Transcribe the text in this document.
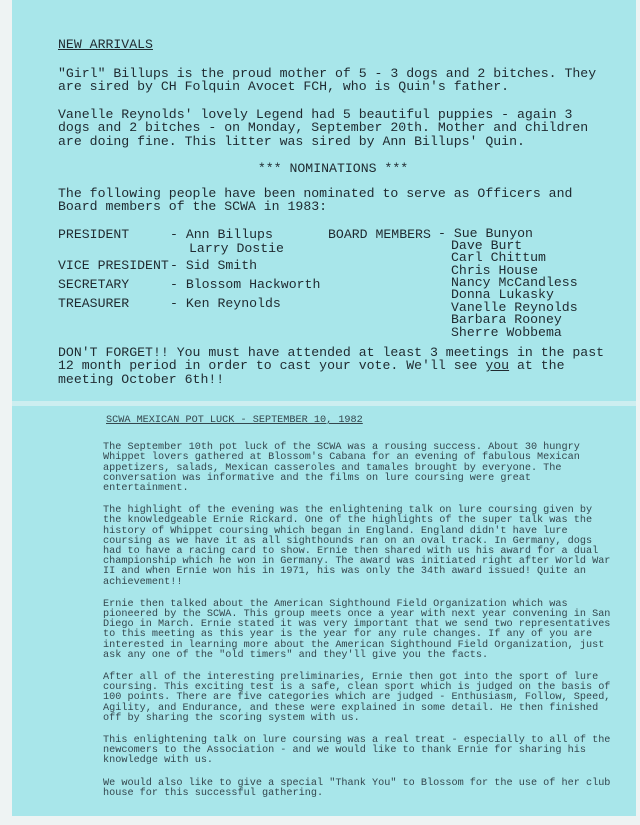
NEW ARRIVALS

"Girl" Billups is the proud mother of 5 - 3 dogs and 2 bitches. They are sired by CH Folquin Avocet FCH, who is Quin's father.

Vanelle Reynolds' lovely Legend had 5 beautiful puppies - again 3 dogs and 2 bitches - on Monday, September 20th. Mother and children are doing fine. This litter was sired by Ann Billups' Quin.

*** NOMINATIONS ***

The following people have been nominated to serve as Officers and Board members of the SCWA in 1983:

PRESIDENT	- Ann Billups
Larry Dostie
VICE PRESIDENT- Sid Smith
SECRETARY	- Blossom Hackworth
TREASURER	- Ken Reynolds
BOARD MEMBERS - Sue Bunyon
Dave Burt
Carl Chittum
Chris House
Nancy McCandless
Donna Lukasky
Vanelle Reynolds
Barbara Rooney
Sherre Wobbema

DON'T FORGET!! You must have attended at least 3 meetings in the past 12 month period in order to cast your vote. We'll see you at the meeting October 6th!!

SCWA MEXICAN POT LUCK - SEPTEMBER 10, 1982

The September 10th pot luck of the SCWA was a rousing success. About 30 hungry Whippet lovers gathered at Blossom's Cabana for an evening of fabulous Mexican appetizers, salads, Mexican casseroles and tamales brought by everyone. The conversation was informative and the films on lure coursing were great entertainment.

The highlight of the evening was the enlightening talk on lure coursing given by the knowledgeable Ernie Rickard. One of the highlights of the super talk was the history of Whippet coursing which began in England. England didn't have lure coursing as we have it as all sighthounds ran on an oval track. In Germany, dogs had to have a racing card to show. Ernie then shared with us his award for a dual championship which he won in Germany. The award was initiated right after World War II and when Ernie won his in 1971, his was only the 34th award issued! Quite an achievement!!

Ernie then talked about the American Sighthound Field Organization which was pioneered by the SCWA. This group meets once a year with next year convening in San Diego in March. Ernie stated it was very important that we send two representatives to this meeting as this year is the year for any rule changes. If any of you are interested in learning more about the American Sighthound Field Organization, just ask any one of the "old timers" and they'll give you the facts.

After all of the interesting preliminaries, Ernie then got into the sport of lure coursing. This exciting test is a safe, clean sport which is judged on the basis of 100 points. There are five categories which are judged - Enthusiasm, Follow, Speed, Agility, and Endurance, and these were explained in some detail. He then finished off by sharing the scoring system with us.

This enlightening talk on lure coursing was a real treat - especially to all of the newcomers to the Association - and we would like to thank Ernie for sharing his knowledge with us.

We would also like to give a special "Thank You" to Blossom for the use of her club house for this successful gathering.
